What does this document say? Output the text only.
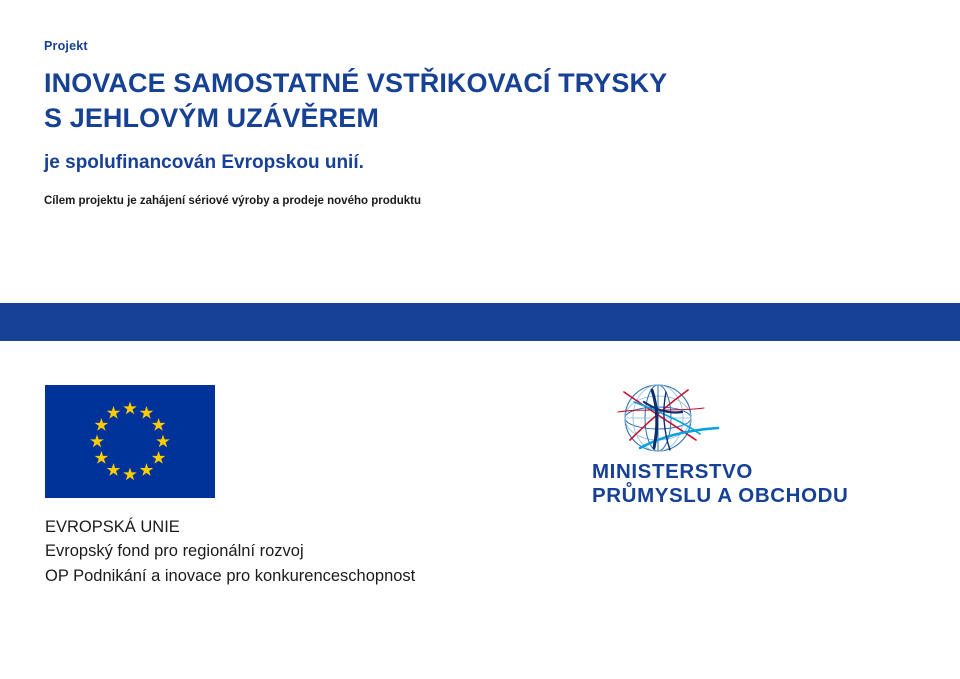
Projekt

INOVACE SAMOSTATNÉ VSTŘIKOVACÍ TRYSKY
S JEHLOVÝM UZÁVĚREM

je spolufinancován Evropskou unií.

Cílem projektu je zahájení sériové výroby a prodeje nového produktu

MINISTERSTVO
PRŮMYSLU A OBCHODU
EVROPSKÁ UNIE
Evropský fond pro regionální rozvoj
OP Podnikání a inovace pro konkurenceschopnost
